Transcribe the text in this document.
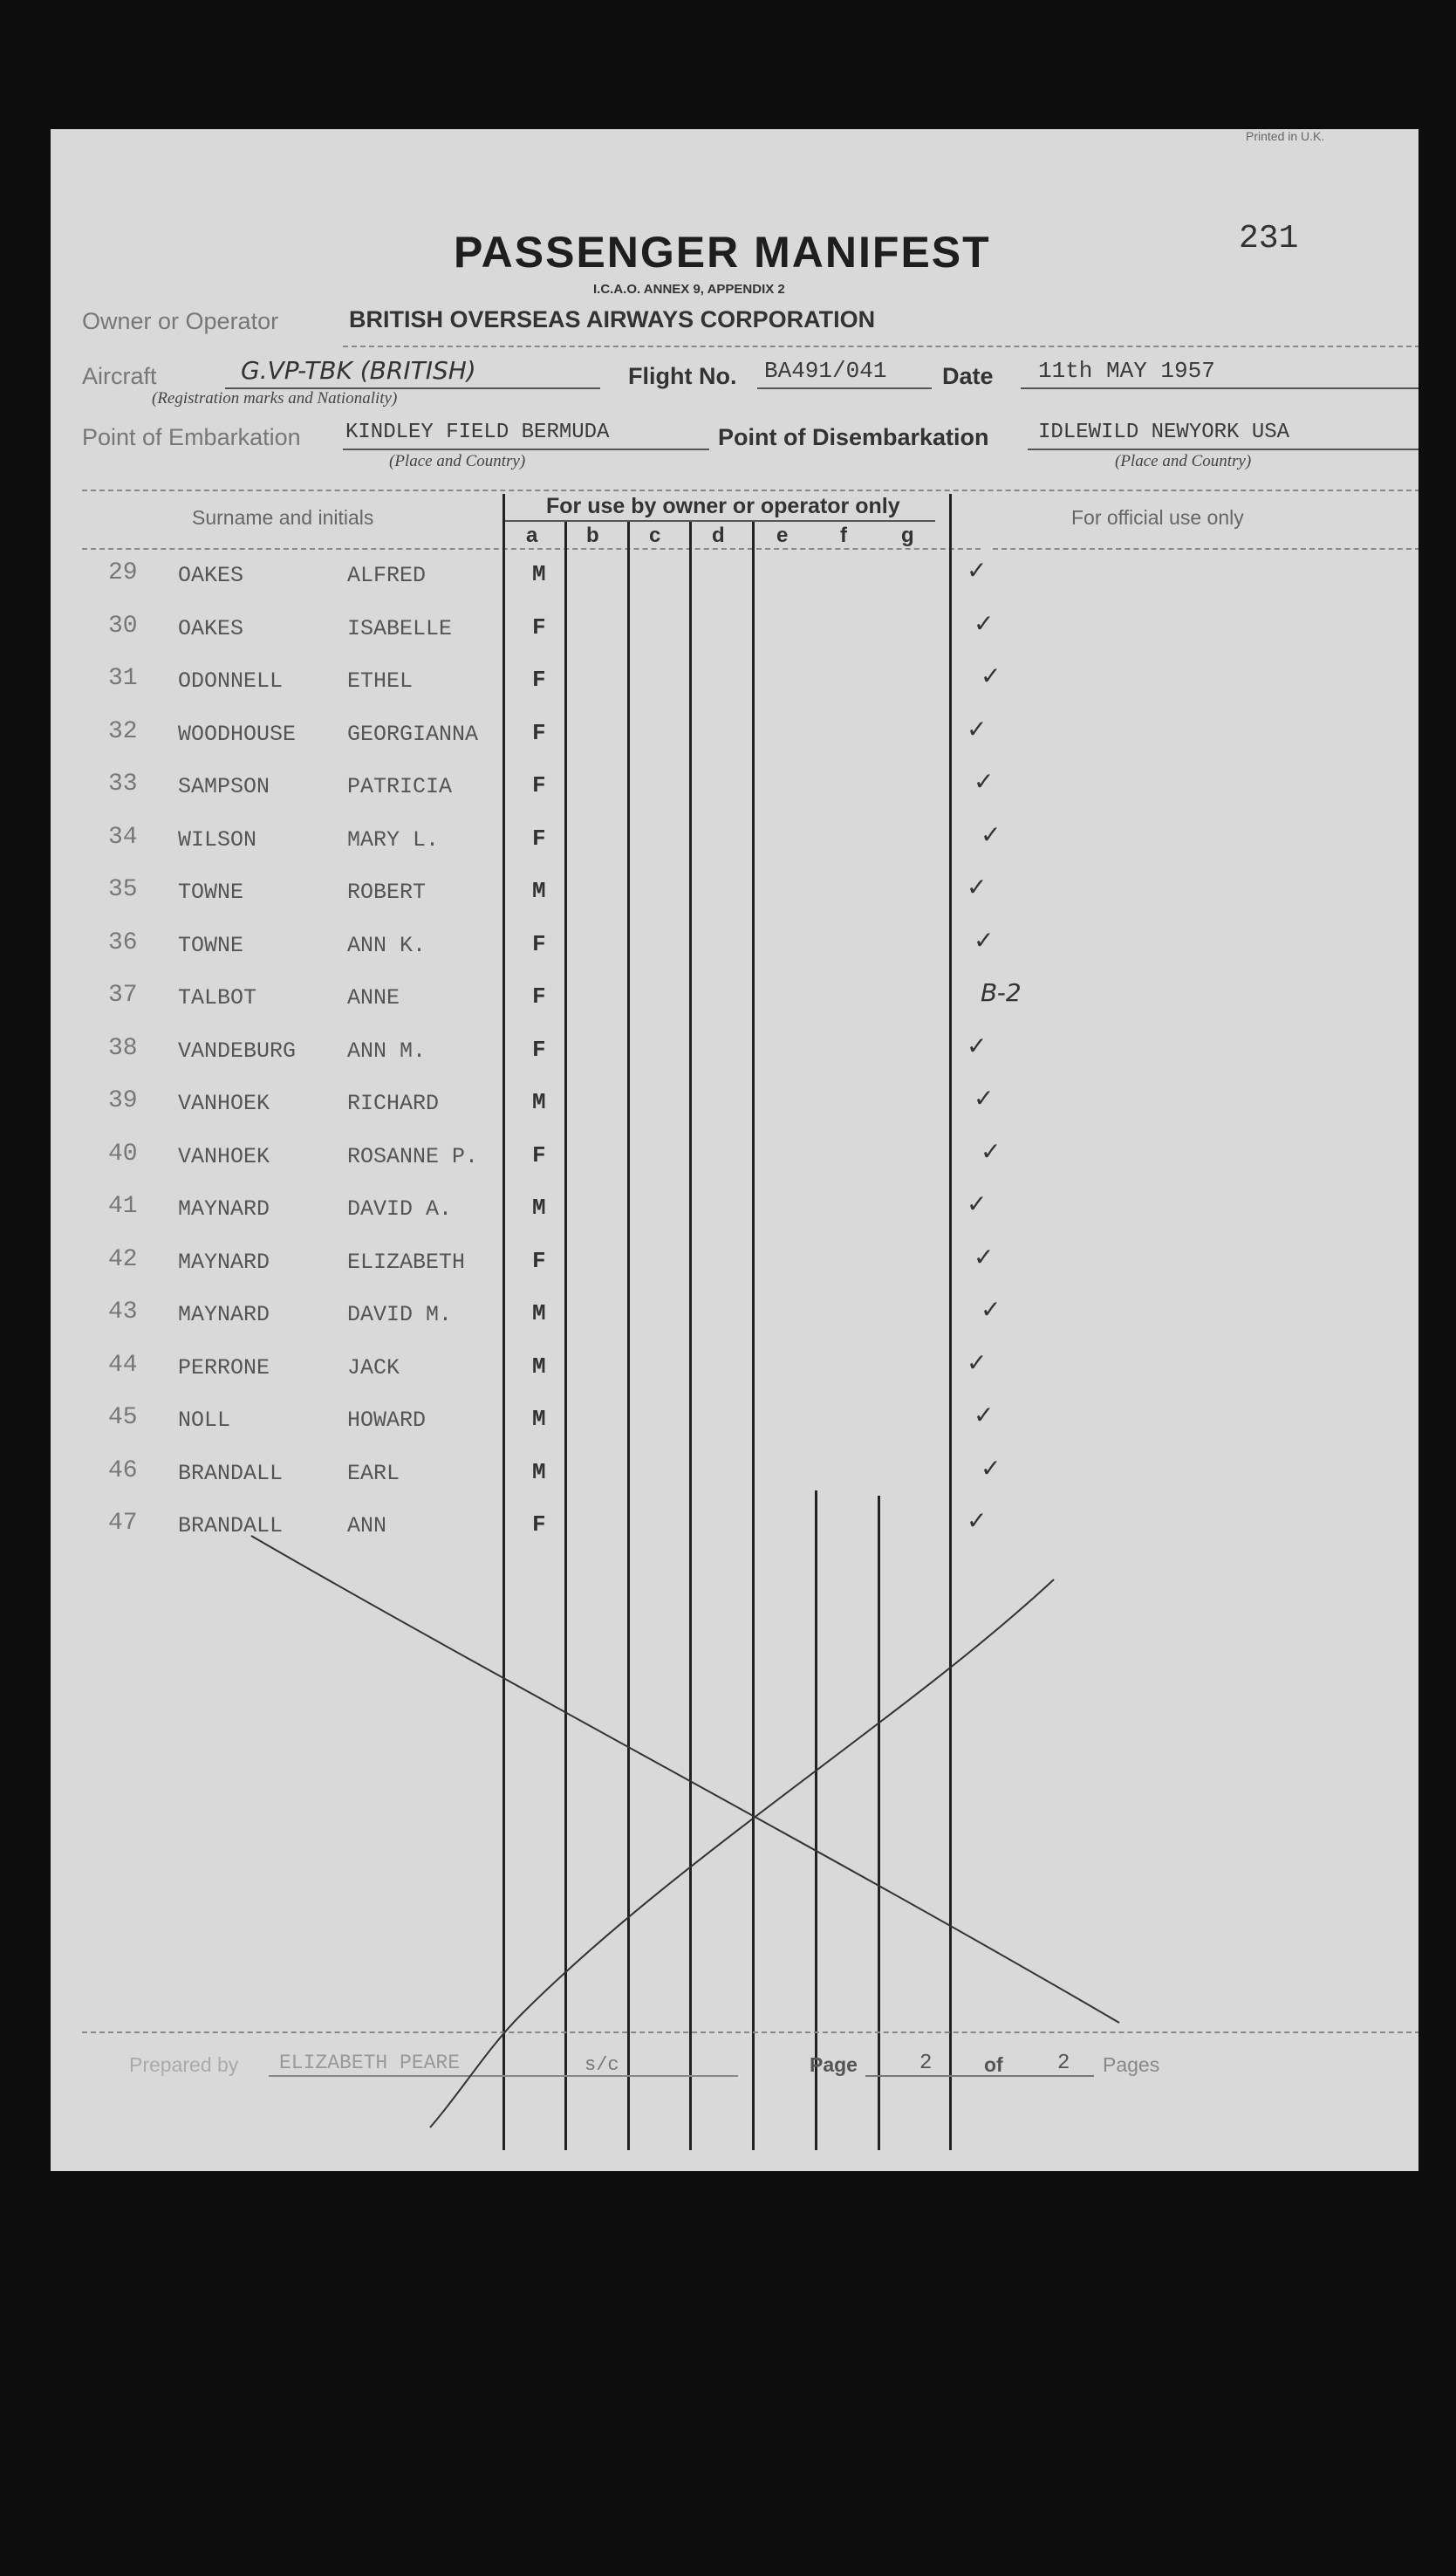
Printed in U.K.
231
PASSENGER MANIFEST
I.C.A.O. ANNEX 9, APPENDIX 2
Owner or Operator	BRITISH OVERSEAS AIRWAYS CORPORATION
Aircraft	G.VP-TBK (BRITISH)
(Registration marks and Nationality)
Flight No. BA491/041 Date 11th MAY 1957
Point of Embarkation KINDLEY FIELD BERMUDA
(Place and Country)
Point of Disembarkation IDLEWILD NEWYORK USA
(Place and Country)
Surname and initials	For use by owner or operator only	For official use only
a b c d e f	g
29 OAKES	ALFRED	M	✓
30 OAKES	ISABELLE	F	✓
31 ODONNELL	ETHEL	F	✓
32 WOODHOUSE GEORGIANNA F	✓
33 SAMPSON	PATRICIA	F	✓
34 WILSON	MARY L.	F	✓
35 TOWNE	ROBERT	M	✓
36 TOWNE	ANN K.	F	✓
37 TALBOT	ANNE	F	B-2
38 VANDEBURG ANN M.	F	✓
39 VANHOEK	RICHARD	M	✓
40 VANHOEK	ROSANNE P. F	✓
41 MAYNARD	DAVID A.	M	✓
42 MAYNARD	ELIZABETH	F	✓
43 MAYNARD	DAVID M.	M	✓
44 PERRONE	JACK	M	✓
45 NOLL	HOWARD	M	✓
46 BRANDALL	EARL	M	✓
47 BRANDALL	ANN	F	✓
Prepared by ELIZABETH PEARE	s/c	Page	2	of	2 Pages
